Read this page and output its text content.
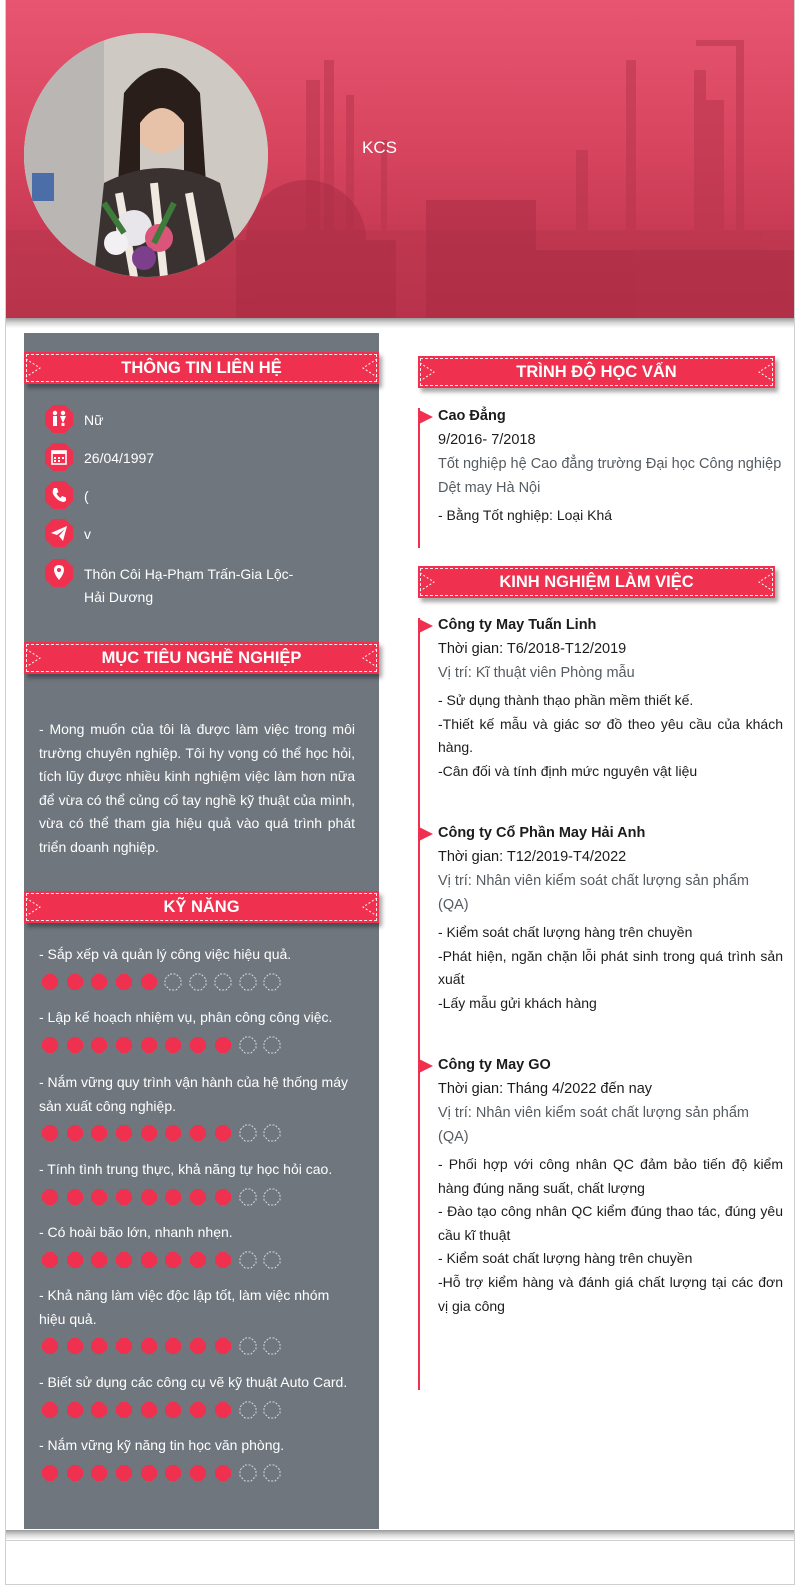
KCS
THÔNG TIN LIÊN HỆ
Nữ
26/04/1997
(
v
Thôn Côi Hạ-Phạm Trấn-Gia Lộc-Hải Dương
MỤC TIÊU NGHỀ NGHIỆP
- Mong muốn của tôi là được làm việc trong môi trường chuyên nghiệp. Tôi hy vọng có thể học hỏi, tích lũy được nhiều kinh nghiệm việc làm hơn nữa để vừa có thể củng cố tay nghề kỹ thuật của mình, vừa có thể tham gia hiệu quả vào quá trình phát triển doanh nghiệp.
KỸ NĂNG
- Sắp xếp và quản lý công việc hiệu quả.
- Lập kế hoạch nhiệm vụ, phân công công việc.
- Nắm vững quy trình vận hành của hệ thống máy sản xuất công nghiệp.
- Tính tình trung thực, khả năng tự học hỏi cao.
- Có hoài bão lớn, nhanh nhẹn.
- Khả năng làm việc độc lập tốt, làm việc nhóm hiệu quả.
- Biết sử dụng các công cụ vẽ kỹ thuật Auto Card.
- Nắm vững kỹ năng tin học văn phòng.
TRÌNH ĐỘ HỌC VẤN
Cao Đẳng
9/2016- 7/2018
Tốt nghiệp hệ Cao đẳng trường Đại học Công nghiệp Dệt may Hà Nội
- Bằng Tốt nghiệp: Loại Khá
KINH NGHIỆM LÀM VIỆC
Công ty May Tuấn Linh
Thời gian: T6/2018-T12/2019
Vị trí: Kĩ thuật viên Phòng mẫu
- Sử dụng thành thạo phần mềm thiết kế.
-Thiết kế mẫu và giác sơ đồ theo yêu cầu của khách hàng.
-Cân đối và tính định mức nguyên vật liệu
Công ty Cổ Phần May Hải Anh
Thời gian: T12/2019-T4/2022
Vị trí: Nhân viên kiểm soát chất lượng sản phẩm (QA)
- Kiểm soát chất lượng hàng trên chuyền
-Phát hiện, ngăn chặn lỗi phát sinh trong quá trình sản xuất
-Lấy mẫu gửi khách hàng
Công ty May GO
Thời gian: Tháng 4/2022 đến nay
Vị trí: Nhân viên kiểm soát chất lượng sản phẩm (QA)
- Phối hợp với công nhân QC đảm bảo tiến độ kiểm hàng đúng năng suất, chất lượng
- Đào tạo công nhân QC kiểm đúng thao tác, đúng yêu cầu kĩ thuật
- Kiểm soát chất lượng hàng trên chuyền
-Hỗ trợ kiểm hàng và đánh giá chất lượng tại các đơn vị gia công
